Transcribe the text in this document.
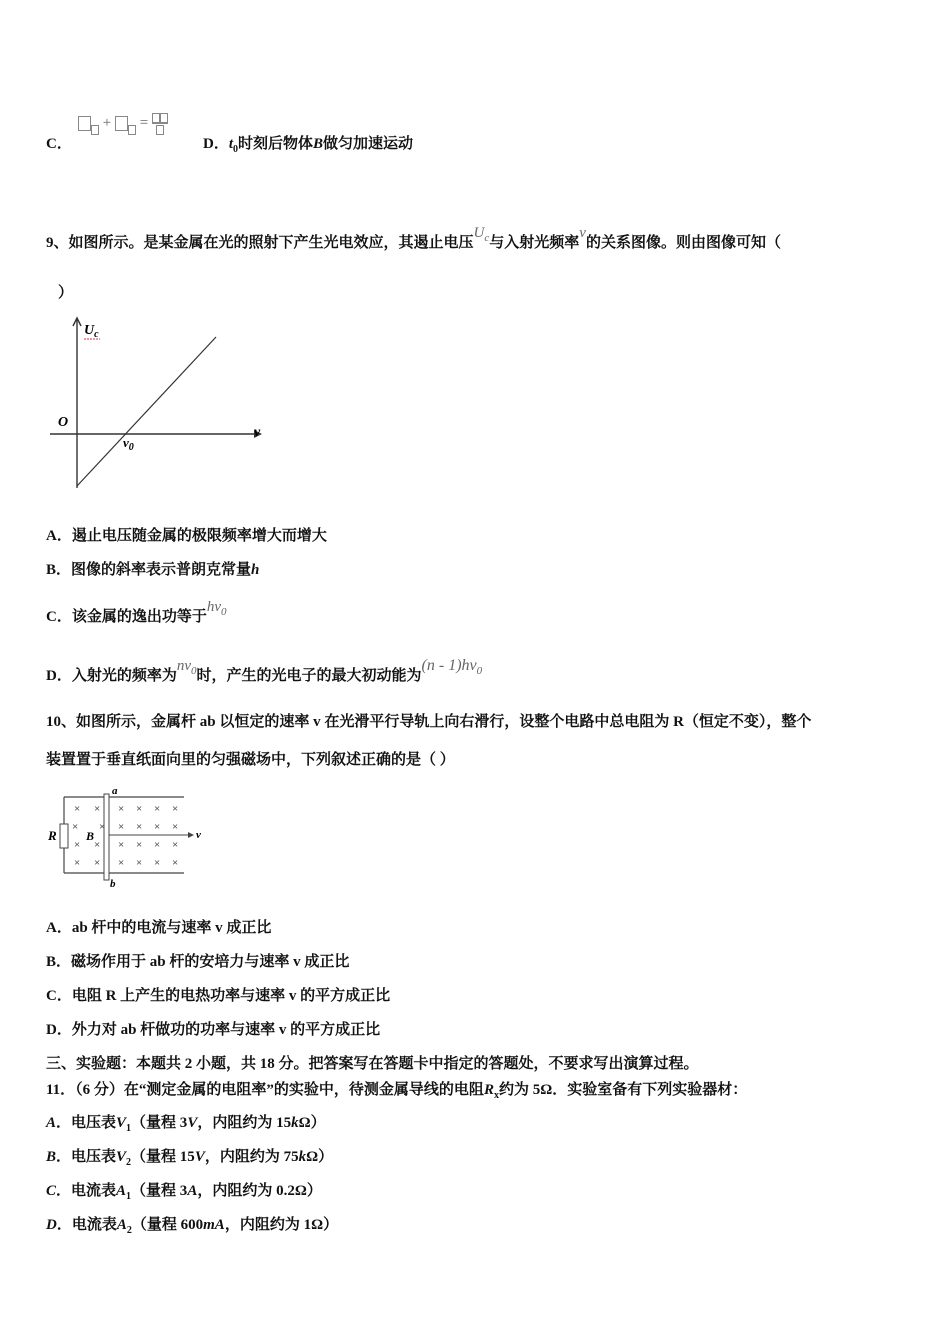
C．
+ =
D．$t_0$时刻后物体B做匀加速运动
9、如图所示。是某金属在光的照射下产生光电效应，其遏止电压$U_c$与入射光频率ν的关系图像。则由图像可知（
）
$U_c$
O
ν
$\nu_0$
A．遏止电压随金属的极限频率增大而增大
B．图像的斜率表示普朗克常量h
C．该金属的逸出功等于$h\nu_0$
D．入射光的频率为$n\nu_0$时，产生的光电子的最大初动能为$(n - 1)h\nu_0$
10、如图所示，金属杆 ab 以恒定的速率 v 在光滑平行导轨上向右滑行，设整个电路中总电阻为 R（恒定不变），整个
装置置于垂直纸面向里的匀强磁场中，下列叙述正确的是（ ）
× × × × × ×
× × × × × ×
× × × × × ×
× × × × × ×
R B
a
b
v
A．ab 杆中的电流与速率 v 成正比
B．磁场作用于 ab 杆的安培力与速率 v 成正比
C．电阻 R 上产生的电热功率与速率 v 的平方成正比
D．外力对 ab 杆做功的功率与速率 v 的平方成正比
三、实验题：本题共 2 小题，共 18 分。把答案写在答题卡中指定的答题处，不要求写出演算过程。
11．（6 分）在“测定金属的电阻率”的实验中，待测金属导线的电阻$R_x$约为 5Ω．实验室备有下列实验器材：
A．电压表$V_1$（量程 3V，内阻约为 15kΩ）
B．电压表$V_2$（量程 15V，内阻约为 75kΩ）
C．电流表$A_1$（量程 3A，内阻约为 0.2Ω）
D．电流表$A_2$（量程 600mA，内阻约为 1Ω）
